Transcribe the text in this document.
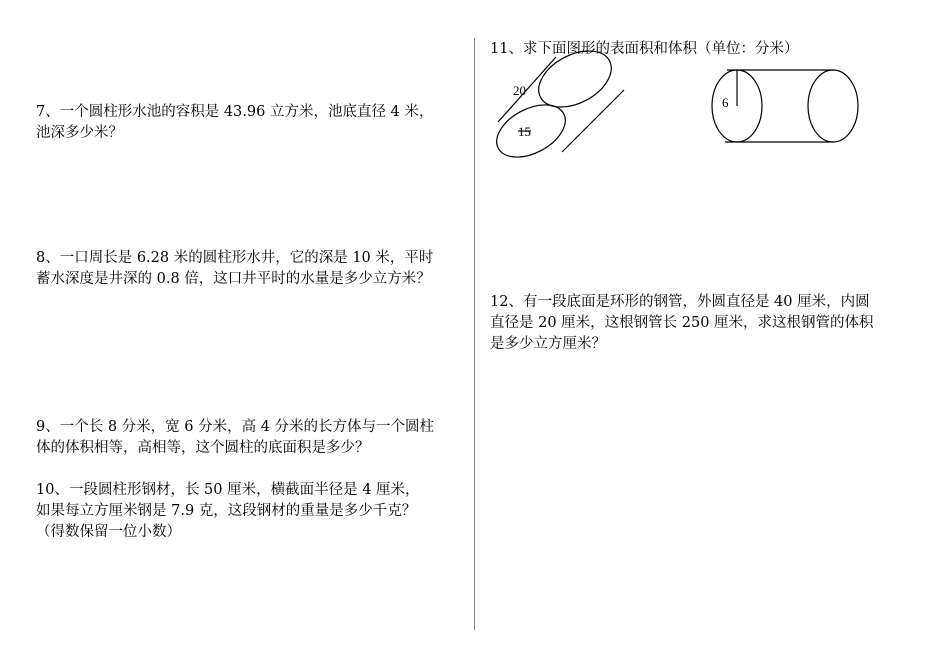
7、一个圆柱形水池的容积是 43.96 立方米，池底直径 4 米，
池深多少米？

8、一口周长是 6.28 米的圆柱形水井，它的深是 10 米，平时
蓄水深度是井深的 0.8 倍，这口井平时的水量是多少立方米？

9、一个长 8 分米，宽 6 分米，高 4 分米的长方体与一个圆柱
体的体积相等，高相等，这个圆柱的底面积是多少？

10、一段圆柱形钢材，长 50 厘米，横截面半径是 4 厘米，
如果每立方厘米钢是 7.9 克，这段钢材的重量是多少千克？
（得数保留一位小数）

11、求下面图形的表面积和体积（单位：分米）

12、有一段底面是环形的钢管，外圆直径是 40 厘米，内圆
直径是 20 厘米，这根钢管长 250 厘米，求这根钢管的体积
是多少立方厘米？

20
15
6
